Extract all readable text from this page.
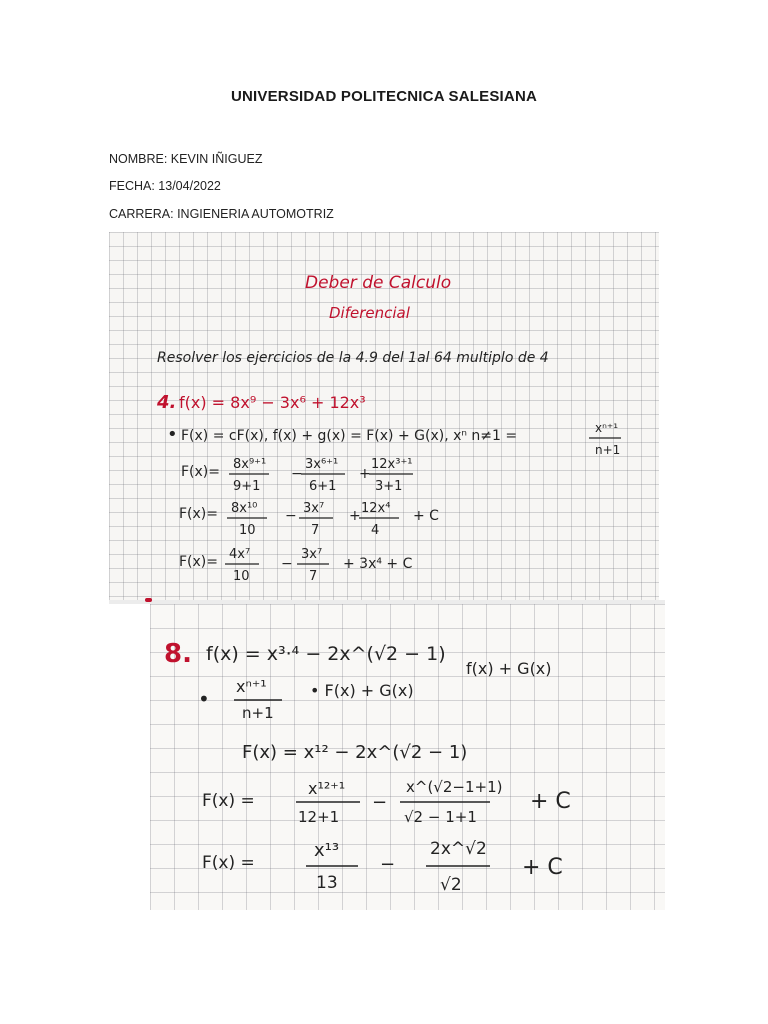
UNIVERSIDAD POLITECNICA SALESIANA
NOMBRE: KEVIN IÑIGUEZ
FECHA: 13/04/2022
CARRERA: INGIENERIA AUTOMOTRIZ
Deber de Calculo
Diferencial
4.
Resolver los ejercicios de la 4.9 del 1al 64 multiplo de 4
f(x) = 8x⁹ − 3x⁶ + 12x³
• F(x) = cF(x), f(x) + g(x) = F(x) + G(x), xⁿ n≠1 =	xⁿ⁺¹
n+1
F(x)= 8x⁹⁺¹
9+1
−
3x⁶⁺¹
6+1
+
12x³⁺¹
3+1
F(x)= 8x¹⁰
10
− 3x⁷
7
+ 12x⁴
4
+ C
F(x)= 4x⁷
10
−
3x⁷
7
+ 3x⁴ + C
8. f(x) = x³·⁴ − 2x^(√2 − 1)
f(x) + G(x)
•
xⁿ⁺¹
n+1
• F(x) + G(x)
F(x) = x¹² − 2x^(√2 − 1)
F(x) =
x¹²⁺¹
12+1
−
x^(√2−1+1)
√2 − 1+1
+ C
F(x) =
x¹³
13
−
2x^√2
√2
+ C
